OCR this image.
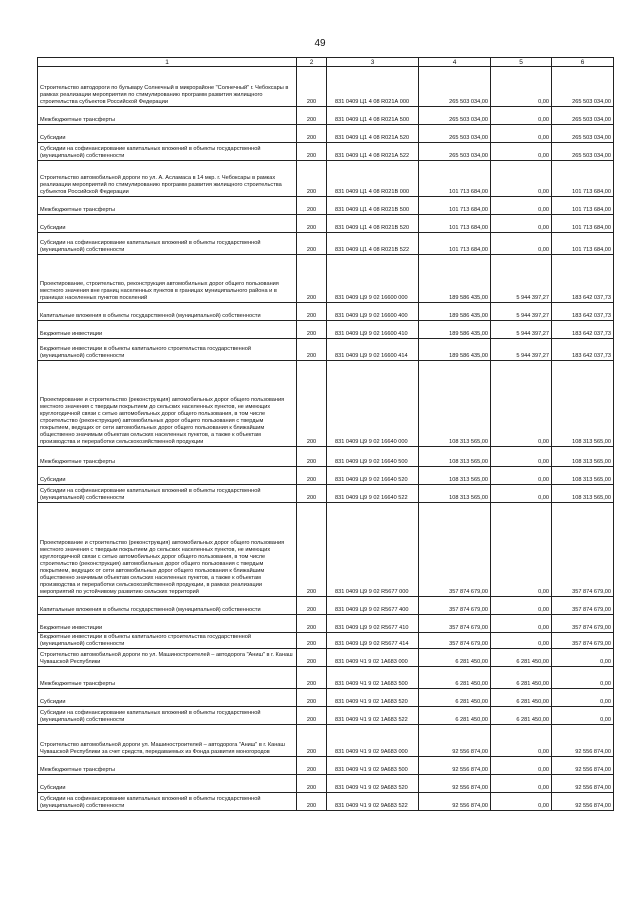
49
1	2	3	4	5	6
Строительство автодороги по бульвару Солнечный в микрорайоне "Солнечный" г. Чебоксары в рамках реализации мероприятия по стимулированию программ развития жилищного строительства субъектов Российской Федерации	200	831 0409 Ц1 4 08 R021А 000	265 503 034,00	0,00	265 503 034,00
Межбюджетные трансферты	200	831 0409 Ц1 4 08 R021А 500	265 503 034,00	0,00	265 503 034,00
Субсидии	200	831 0409 Ц1 4 08 R021А 520	265 503 034,00	0,00	265 503 034,00
Субсидии на софинансирование капитальных вложений в объекты государственной (муниципальной) собственности	200	831 0409 Ц1 4 08 R021А 522	265 503 034,00	0,00	265 503 034,00
Строительство автомобильной дороги по ул. А. Асламаса в 14 мкр. г. Чебоксары в рамках реализации мероприятий по стимулированию программ развития жилищного строительства субъектов Российской Федерации	200	831 0409 Ц1 4 08 R021В 000	101 713 684,00	0,00	101 713 684,00
Межбюджетные трансферты	200	831 0409 Ц1 4 08 R021В 500	101 713 684,00	0,00	101 713 684,00
Субсидии	200	831 0409 Ц1 4 08 R021В 520	101 713 684,00	0,00	101 713 684,00
Субсидии на софинансирование капитальных вложений в объекты государственной (муниципальной) собственности	200	831 0409 Ц1 4 08 R021В 522	101 713 684,00	0,00	101 713 684,00
Проектирование, строительство, реконструкция автомобильных дорог общего пользования местного значения вне границ населенных пунктов в границах муниципального района и в границах населенных пунктов поселений	200	831 0409 Ц9 9 02 16600 000	189 586 435,00	5 944 397,27	183 642 037,73
Капитальные вложения в объекты государственной (муниципальной) собственности	200	831 0409 Ц9 9 02 16600 400	189 586 435,00	5 944 397,27	183 642 037,73
Бюджетные инвестиции	200	831 0409 Ц9 9 02 16600 410	189 586 435,00	5 944 397,27	183 642 037,73
Бюджетные инвестиции в объекты капитального строительства государственной (муниципальной) собственности	200	831 0409 Ц9 9 02 16600 414	189 586 435,00	5 944 397,27	183 642 037,73
Проектирование и строительство (реконструкция) автомобильных дорог общего пользования местного значения с твердым покрытием до сельских населенных пунктов, не имеющих круглогодичной связи с сетью автомобильных дорог общего пользования, в том числе строительство (реконструкция) автомобильных дорог общего пользования с твердым покрытием, ведущих от сети автомобильных дорог общего пользования к ближайшим общественно значимым объектам сельских населенных пунктов, а также к объектам производства и переработки сельскохозяйственной продукции	200	831 0409 Ц9 9 02 16640 000	108 313 565,00	0,00	108 313 565,00
Межбюджетные трансферты	200	831 0409 Ц9 9 02 16640 500	108 313 565,00	0,00	108 313 565,00
Субсидии	200	831 0409 Ц9 9 02 16640 520	108 313 565,00	0,00	108 313 565,00
Субсидии на софинансирование капитальных вложений в объекты государственной (муниципальной) собственности	200	831 0409 Ц9 9 02 16640 522	108 313 565,00	0,00	108 313 565,00
Проектирование и строительство (реконструкция) автомобильных дорог общего пользования местного значения с твердым покрытием до сельских населенных пунктов, не имеющих круглогодичной связи с сетью автомобильных дорог общего пользования, в том числе строительство (реконструкция) автомобильных дорог общего пользования с твердым покрытием, ведущих от сети автомобильных дорог общего пользования к ближайшим общественно значимым объектам сельских населенных пунктов, а также к объектам производства и переработки сельскохозяйственной продукции, в рамках реализации мероприятий по устойчивому развитию сельских территорий	200	831 0409 Ц9 9 02 R5677 000	357 874 679,00	0,00	357 874 679,00
Капитальные вложения в объекты государственной (муниципальной) собственности	200	831 0409 Ц9 9 02 R5677 400	357 874 679,00	0,00	357 874 679,00
Бюджетные инвестиции	200	831 0409 Ц9 9 02 R5677 410	357 874 679,00	0,00	357 874 679,00
Бюджетные инвестиции в объекты капитального строительства государственной (муниципальной) собственности	200	831 0409 Ц9 9 02 R5677 414	357 874 679,00	0,00	357 874 679,00
Строительство автомобильной дороги по ул. Машиностроителей – автодорога "Аниш" в г. Канаш Чувашской Республики	200	831 0409 Ч1 9 02 1А683 000	6 281 450,00	6 281 450,00	0,00
Межбюджетные трансферты	200	831 0409 Ч1 9 02 1А683 500	6 281 450,00	6 281 450,00	0,00
Субсидии	200	831 0409 Ч1 9 02 1А683 520	6 281 450,00	6 281 450,00	0,00
Субсидии на софинансирование капитальных вложений в объекты государственной (муниципальной) собственности	200	831 0409 Ч1 9 02 1А683 522	6 281 450,00	6 281 450,00	0,00
Строительство автомобильной дороги ул. Машиностроителей – автодорога "Аниш" в г. Канаш Чувашской Республики за счет средств, передаваемых из Фонда развития моногородов	200	831 0409 Ч1 9 02 9А683 000	92 556 874,00	0,00	92 556 874,00
Межбюджетные трансферты	200	831 0409 Ч1 9 02 9А683 500	92 556 874,00	0,00	92 556 874,00
Субсидии	200	831 0409 Ч1 9 02 9А683 520	92 556 874,00	0,00	92 556 874,00
Субсидии на софинансирование капитальных вложений в объекты государственной (муниципальной) собственности	200	831 0409 Ч1 9 02 9А683 522	92 556 874,00	0,00	92 556 874,00
